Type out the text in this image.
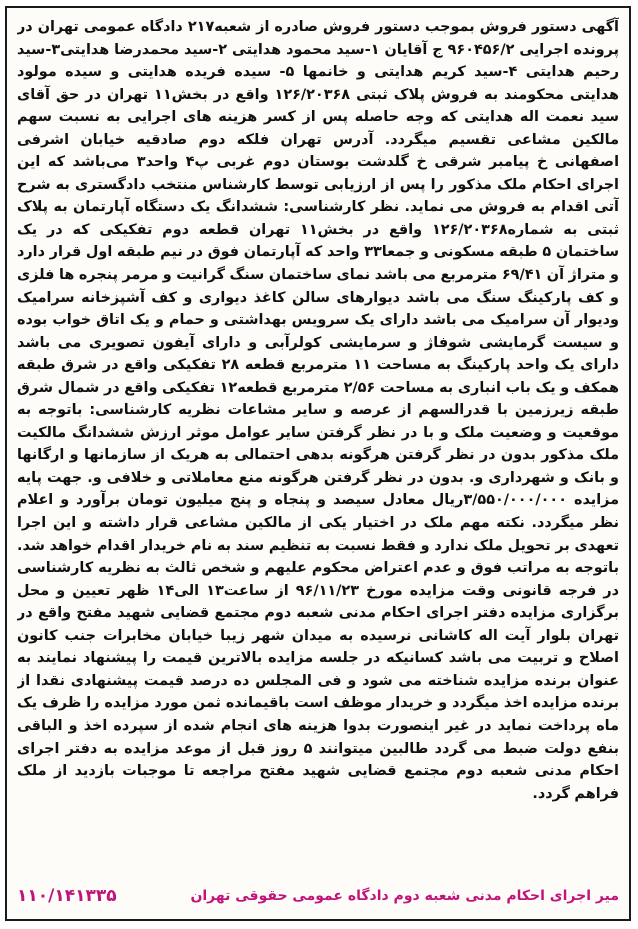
آگهی دستور فروش بموجب دستور فروش صادره از شعبه۲۱۷ دادگاه عمومی تهران در پرونده اجرایی ۹۶۰۴۵۶/۲ ج آقایان ۱-سید محمود هدایتی ۲-سید محمدرضا هدایتی۳-سید رحیم هدایتی ۴-سید کریم هدایتی و خانمها ۵- سیده فریده هدایتی و سیده مولود هدایتی محکومند به فروش پلاک ثبتی ۱۲۶/۲۰۳۶۸ واقع در بخش۱۱ تهران در حق آقای سید نعمت اله هدایتی که وجه حاصله پس از کسر هزینه های اجرایی به نسبت سهم مالکین مشاعی تقسیم میگردد. آدرس تهران فلکه دوم صادقیه خیابان اشرفی اصفهانی خ پیامبر شرقی خ گلدشت بوستان دوم غربی پ۴ واحد۳ می‌باشد که این اجرای احکام ملک مذکور را پس از ارزیابی توسط کارشناس منتخب دادگستری به شرح آتی اقدام به فروش می نماید. نظر کارشناسی: ششدانگ یک دستگاه آپارتمان به پلاک ثبتی به شماره۱۲۶/۲۰۳۶۸ واقع در بخش۱۱ تهران قطعه دوم تفکیکی که در یک ساختمان ۵ طبقه مسکونی و جمعا۳۳ واحد که آپارتمان فوق در نیم طبقه اول قرار دارد و متراژ آن ۶۹/۴۱ مترمربع می باشد نمای ساختمان سنگ گرانیت و مرمر پنجره ها فلزی و کف پارکینگ سنگ می باشد دیوارهای سالن کاغذ دیواری و کف آشپزخانه سرامیک ودیوار آن سرامیک می باشد دارای یک سرویس بهداشتی و حمام و یک اتاق خواب بوده و سیست گرمایشی شوفاژ و سرمایشی کولرآبی و دارای آیفون تصویری می باشد دارای یک واحد پارکینگ به مساحت ۱۱ مترمربع قطعه ۲۸ تفکیکی واقع در شرق طبقه همکف و یک باب انباری به مساحت ۲/۵۶ مترمربع قطعه۱۲ تفکیکی واقع در شمال شرق طبقه زیرزمین با قدرالسهم از عرصه و سایر مشاعات نظریه کارشناسی: باتوجه به موقعیت و وضعیت ملک و با در نظر گرفتن سایر عوامل موثر ارزش ششدانگ مالکیت ملک مذکور بدون در نظر گرفتن هرگونه بدهی احتمالی به هریک از سازمانها و ارگانها و بانک و شهرداری و. بدون در نظر گرفتن هرگونه منع معاملاتی و خلافی و. جهت پایه مزایده ۳/۵۵۰/۰۰۰/۰۰۰ریال معادل سیصد و پنجاه و پنج میلیون تومان برآورد و اعلام نظر میگردد. نکته مهم ملک در اختیار یکی از مالکین مشاعی قرار داشته و این اجرا تعهدی بر تحویل ملک ندارد و فقط نسبت به تنظیم سند به نام خریدار اقدام خواهد شد. باتوجه به مراتب فوق و عدم اعتراض محکوم علیهم و شخص ثالث به نظریه کارشناسی در فرجه قانونی وقت مزایده مورخ ۹۶/۱۱/۲۳ از ساعت۱۳ الی۱۴ ظهر تعیین و محل برگزاری مزایده دفتر اجرای احکام مدنی شعبه دوم مجتمع قضایی شهید مفتح واقع در تهران بلوار آیت اله کاشانی نرسیده به میدان شهر زیبا خیابان مخابرات جنب کانون اصلاح و تربیت می باشد کسانیکه در جلسه مزایده بالاترین قیمت را پیشنهاد نمایند به عنوان برنده مزایده شناخته می شود و فی المجلس ده درصد قیمت پیشنهادی نقدا از برنده مزایده اخذ میگردد و خریدار موظف است باقیمانده ثمن مورد مزایده را ظرف یک ماه پرداخت نماید در غیر اینصورت بدوا هزینه های انجام شده از سپرده اخذ و الباقی بنفع دولت ضبط می گردد طالبین میتوانند ۵ روز قبل از موعد مزایده به دفتر اجرای احکام مدنی شعبه دوم مجتمع قضایی شهید مفتح مراجعه تا موجبات بازدید از ملک فراهم گردد.
میر اجرای احکام مدنی شعبه دوم دادگاه عمومی حقوقی تهران
۱۱۰/۱۴۱۳۳۵
